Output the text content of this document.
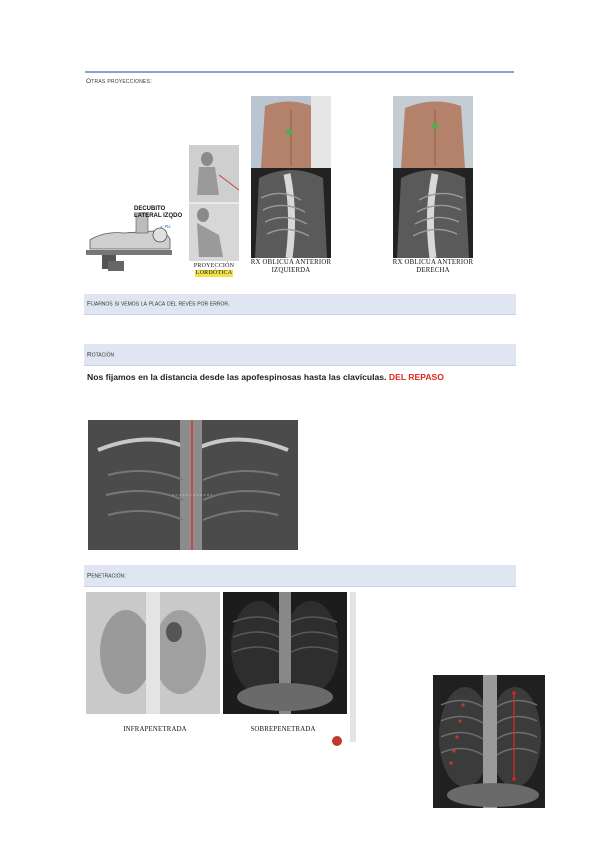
Otras proyecciones:
DECUBITO
LATERAL IZQDO
↙ Rx
PROYECCIÓN
LORDÓTICA
RX OBLICUA ANTERIOR
IZQUIERDA
RX OBLICUA ANTERIOR
DERECHA
Fijarnos si vemos la placa del revés por error.
Rotación
Nos fijamos en la distancia desde las apofespinosas hasta las clavículas. DEL REPASO
Penetración:
INFRAPENETRADA	SOBREPENETRADA
